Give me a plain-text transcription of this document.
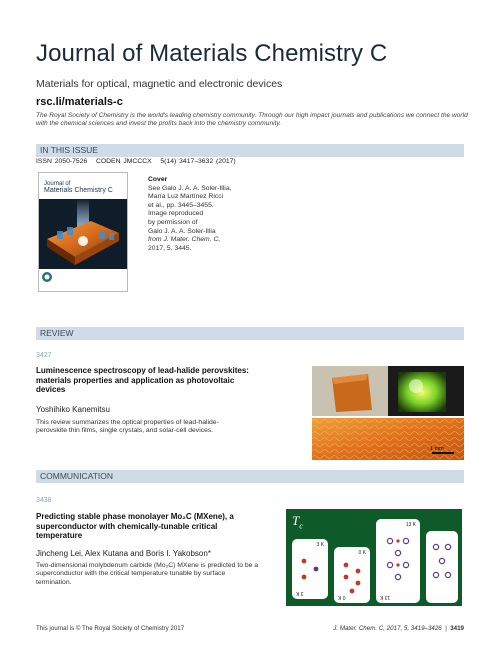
Journal of Materials Chemistry C
Materials for optical, magnetic and electronic devices
rsc.li/materials-c
The Royal Society of Chemistry is the world's leading chemistry community. Through our high impact journals and publications we connect the world with the chemical sciences and invest the profits back into the chemistry community.
IN THIS ISSUE
ISSN 2050-7526 CODEN JMCCCX 5(14) 3417–3632 (2017)

Journal of
Materials Chemistry C
Cover
See Galo J. A. A. Soler-Illia,
María Luz Martínez Ricci
et al., pp. 3445–3455.
Image reproduced
by permission of
Galo J. A. A. Soler-Illia
from J. Mater. Chem. C,
2017, 5, 3445.
REVIEW
3427
Luminescence spectroscopy of lead-halide perovskites: materials properties and application as photovoltaic devices
Yoshihiko Kanemitsu
This review summarizes the optical properties of lead-halide-perovskite thin films, single crystals, and solar-cell devices.
1 mm
COMMUNICATION
3438
Predicting stable phase monolayer Mo₂C (MXene), a superconductor with chemically-tunable critical temperature
Jincheng Lei, Alex Kutana and Boris I. Yakobson*
Two-dimensional molybdenum carbide (Mo₂C) MXene is predicted to be a superconductor with the critical temperature tunable by surface termination.
$T_c$
3 K
3 K
0 K
0 K
13 K
13 K
This journal is © The Royal Society of Chemistry 2017	J. Mater. Chem. C, 2017, 5, 3419–3426  |  3419
